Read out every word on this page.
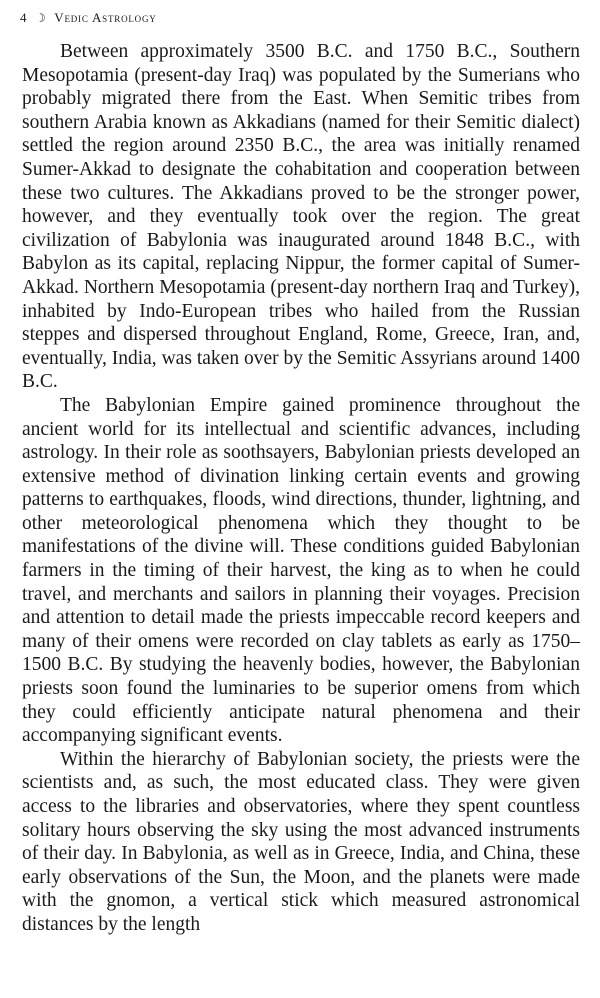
4 ☽ Vedic Astrology

Between approximately 3500 B.C. and 1750 B.C., Southern Mesopotamia (present-day Iraq) was populated by the Sumerians who probably migrated there from the East. When Semitic tribes from southern Arabia known as Akkadians (named for their Semitic dialect) settled the region around 2350 B.C., the area was initially renamed Sumer-Akkad to designate the cohabitation and cooperation between these two cultures. The Akkadians proved to be the stronger power, however, and they eventually took over the region. The great civilization of Babylonia was inaugurated around 1848 B.C., with Babylon as its capital, replacing Nippur, the former capital of Sumer-Akkad. Northern Mesopotamia (present-day northern Iraq and Turkey), inhabited by Indo-European tribes who hailed from the Russian steppes and dispersed throughout England, Rome, Greece, Iran, and, eventually, India, was taken over by the Semitic Assyrians around 1400 B.C.

The Babylonian Empire gained prominence throughout the ancient world for its intellectual and scientific advances, including astrology. In their role as soothsayers, Babylonian priests developed an extensive method of divination linking certain events and growing patterns to earthquakes, floods, wind directions, thunder, lightning, and other meteorological phenomena which they thought to be manifestations of the divine will. These conditions guided Babylonian farmers in the timing of their harvest, the king as to when he could travel, and merchants and sailors in planning their voyages. Precision and attention to detail made the priests impeccable record keepers and many of their omens were recorded on clay tablets as early as 1750–1500 B.C. By studying the heavenly bodies, however, the Babylonian priests soon found the luminaries to be superior omens from which they could efficiently anticipate natural phenomena and their accompanying significant events.

Within the hierarchy of Babylonian society, the priests were the scientists and, as such, the most educated class. They were given access to the libraries and observatories, where they spent countless solitary hours observing the sky using the most advanced instruments of their day. In Babylonia, as well as in Greece, India, and China, these early observations of the Sun, the Moon, and the planets were made with the gnomon, a vertical stick which measured astronomical distances by the length
